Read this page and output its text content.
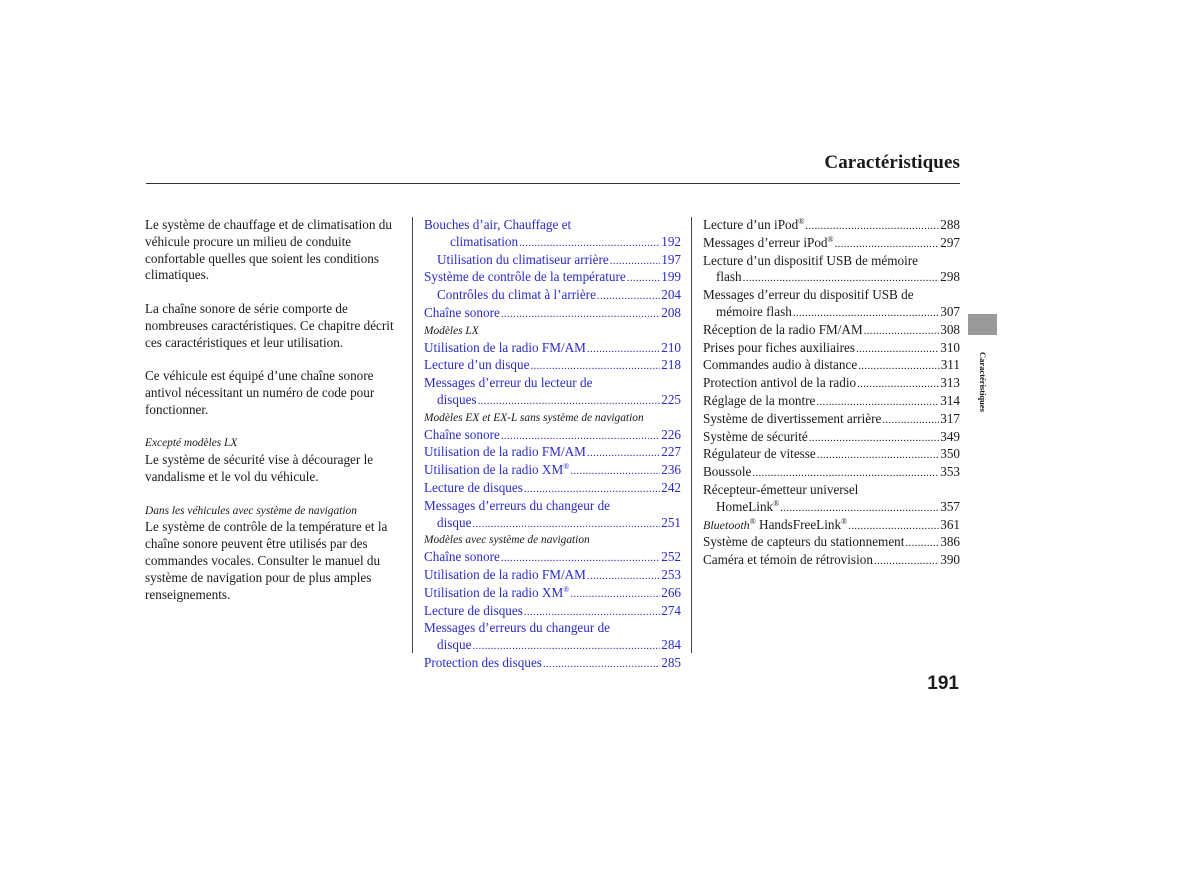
Caractéristiques

Le système de chauffage et de climatisation du véhicule procure un milieu de conduite confortable quelles que soient les conditions climatiques.

La chaîne sonore de série comporte de nombreuses caractéristiques. Ce chapitre décrit ces caractéristiques et leur utilisation.

Ce véhicule est équipé d’une chaîne sonore antivol nécessitant un numéro de code pour fonctionner.

Excepté modèles LX

Le système de sécurité vise à décourager le vandalisme et le vol du véhicule.

Dans les véhicules avec système de navigation

Le système de contrôle de la température et la chaîne sonore peuvent être utilisés par des commandes vocales. Consulter le manuel du système de navigation pour de plus amples renseignements.

Bouches d’air, Chauffage et
climatisation .....	192
Utilisation du climatiseur arrière .....	197
Système de contrôle de la température .....	199
Contrôles du climat à l’arrière .....	204
Chaîne sonore .....	208
Modèles LX
Utilisation de la radio FM/AM .....	210
Lecture d’un disque .....	218
Messages d’erreur du lecteur de
disques .....	225
Modèles EX et EX-L sans système de navigation
Chaîne sonore .....	226
Utilisation de la radio FM/AM .....	227
Utilisation de la radio XM® .....	236
Lecture de disques .....	242
Messages d’erreurs du changeur de
disque .....	251
Modèles avec système de navigation
Chaîne sonore .....	252
Utilisation de la radio FM/AM .....	253
Utilisation de la radio XM® .....	266
Lecture de disques .....	274
Messages d’erreurs du changeur de
disque .....	284
Protection des disques .....	285
Lecture d’un iPod® .....	288
Messages d’erreur iPod® .....	297
Lecture d’un dispositif USB de mémoire
flash .....	298
Messages d’erreur du dispositif USB de
mémoire flash .....	307
Réception de la radio FM/AM .....	308
Prises pour fiches auxiliaires .....	310
Commandes audio à distance .....	311
Protection antivol de la radio .....	313
Réglage de la montre .....	314
Système de divertissement arrière .....	317
Système de sécurité .....	349
Régulateur de vitesse .....	350
Boussole .....	353
Récepteur-émetteur universel
HomeLink® .....	357
Bluetooth® HandsFreeLink® .....	361
Système de capteurs du stationnement .....	386
Caméra et témoin de rétrovision .....	390
Caractéristiques
191
